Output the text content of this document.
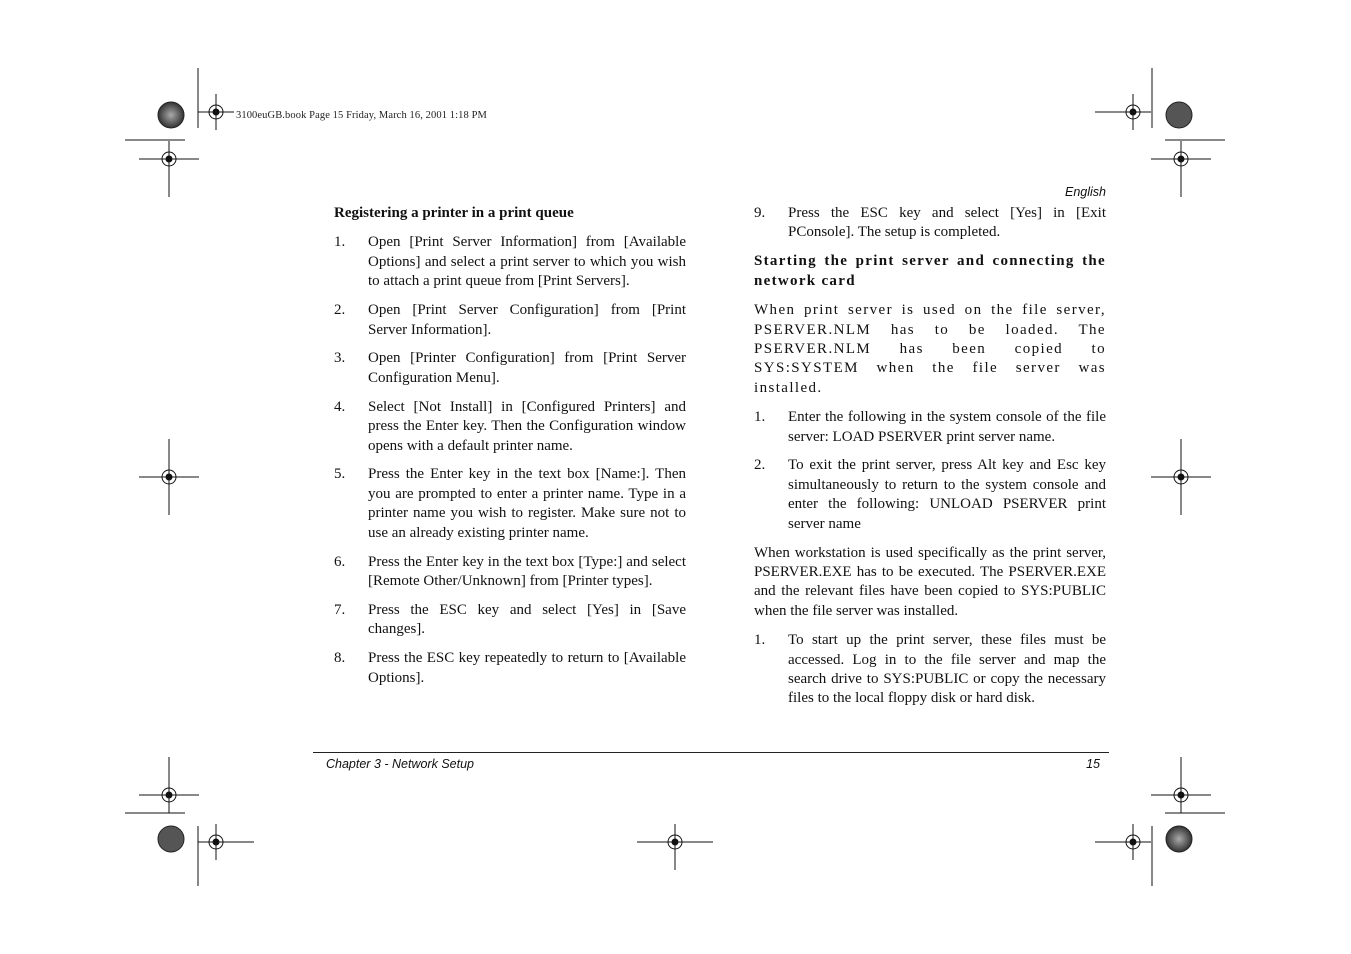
3100euGB.book Page 15 Friday, March 16, 2001 1:18 PM
English
Registering a printer in a print queue
1.	Open [Print Server Information] from [Available Options] and select a print server to which you wish to attach a print queue from [Print Servers].
2.	Open [Print Server Configuration] from [Print Server Information].
3.	Open [Printer Configuration] from [Print Server Configuration Menu].
4.	Select [Not Install] in [Configured Printers] and press the Enter key. Then the Configuration window opens with a default printer name.
5.	Press the Enter key in the text box [Name:]. Then you are prompted to enter a printer name. Type in a printer name you wish to register. Make sure not to use an already existing printer name.
6.	Press the Enter key in the text box [Type:] and select [Remote Other/Unknown] from [Printer types].
7.	Press the ESC key and select [Yes] in [Save changes].
8.	Press the ESC key repeatedly to return to [Available Options].
9.	Press the ESC key and select [Yes] in [Exit PConsole]. The setup is completed.
Starting the print server and connecting the network card
When print server is used on the file server, PSERVER.NLM has to be loaded. The PSERVER.NLM has been copied to SYS:SYSTEM when the file server was installed.
1.	Enter the following in the system console of the file server: LOAD PSERVER print server name.
2.	To exit the print server, press Alt key and Esc key simultaneously to return to the system console and enter the following: UNLOAD PSERVER print server name
When workstation is used specifically as the print server, PSERVER.EXE has to be executed. The PSERVER.EXE and the relevant files have been copied to SYS:PUBLIC when the file server was installed.
1.	To start up the print server, these files must be accessed. Log in to the file server and map the search drive to SYS:PUBLIC or copy the necessary files to the local floppy disk or hard disk.
Chapter 3 - Network Setup	15
